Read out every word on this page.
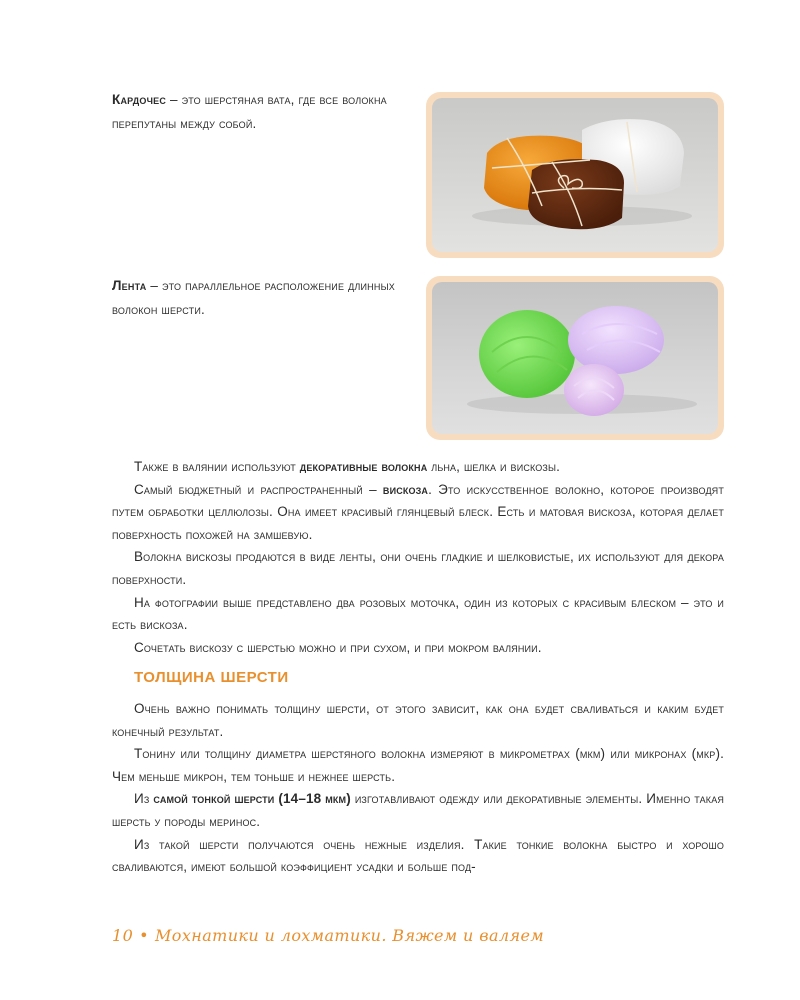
Кардочес – это шерстяная вата, где все волокна перепутаны между собой.
Лента – это параллельное расположение длинных волокон шерсти.

Также в валянии используют декоративные волокна льна, шелка и вискозы.

Самый бюджетный и распространенный – вискоза. Это искусственное волокно, которое производят путем обработки целлюлозы. Она имеет красивый глянцевый блеск. Есть и матовая вискоза, которая делает поверхность похожей на замшевую.

Волокна вискозы продаются в виде ленты, они очень гладкие и шелковистые, их используют для декора поверхности.

На фотографии выше представлено два розовых моточка, один из которых с красивым блеском – это и есть вискоза.

Сочетать вискозу с шерстью можно и при сухом, и при мокром валянии.

ТОЛЩИНА ШЕРСТИ

Очень важно понимать толщину шерсти, от этого зависит, как она будет сваливаться и каким будет конечный результат.

Тонину или толщину диаметра шерстяного волокна измеряют в микрометрах (мкм) или микронах (мкр). Чем меньше микрон, тем тоньше и нежнее шерсть.

Из самой тонкой шерсти (14–18 мкм) изготавливают одежду или декоративные элементы. Именно такая шерсть у породы меринос.

Из такой шерсти получаются очень нежные изделия. Такие тонкие волокна быстро и хорошо сваливаются, имеют большой коэффициент усадки и больше под-

10 • Мохнатики и лохматики. Вяжем и валяем
